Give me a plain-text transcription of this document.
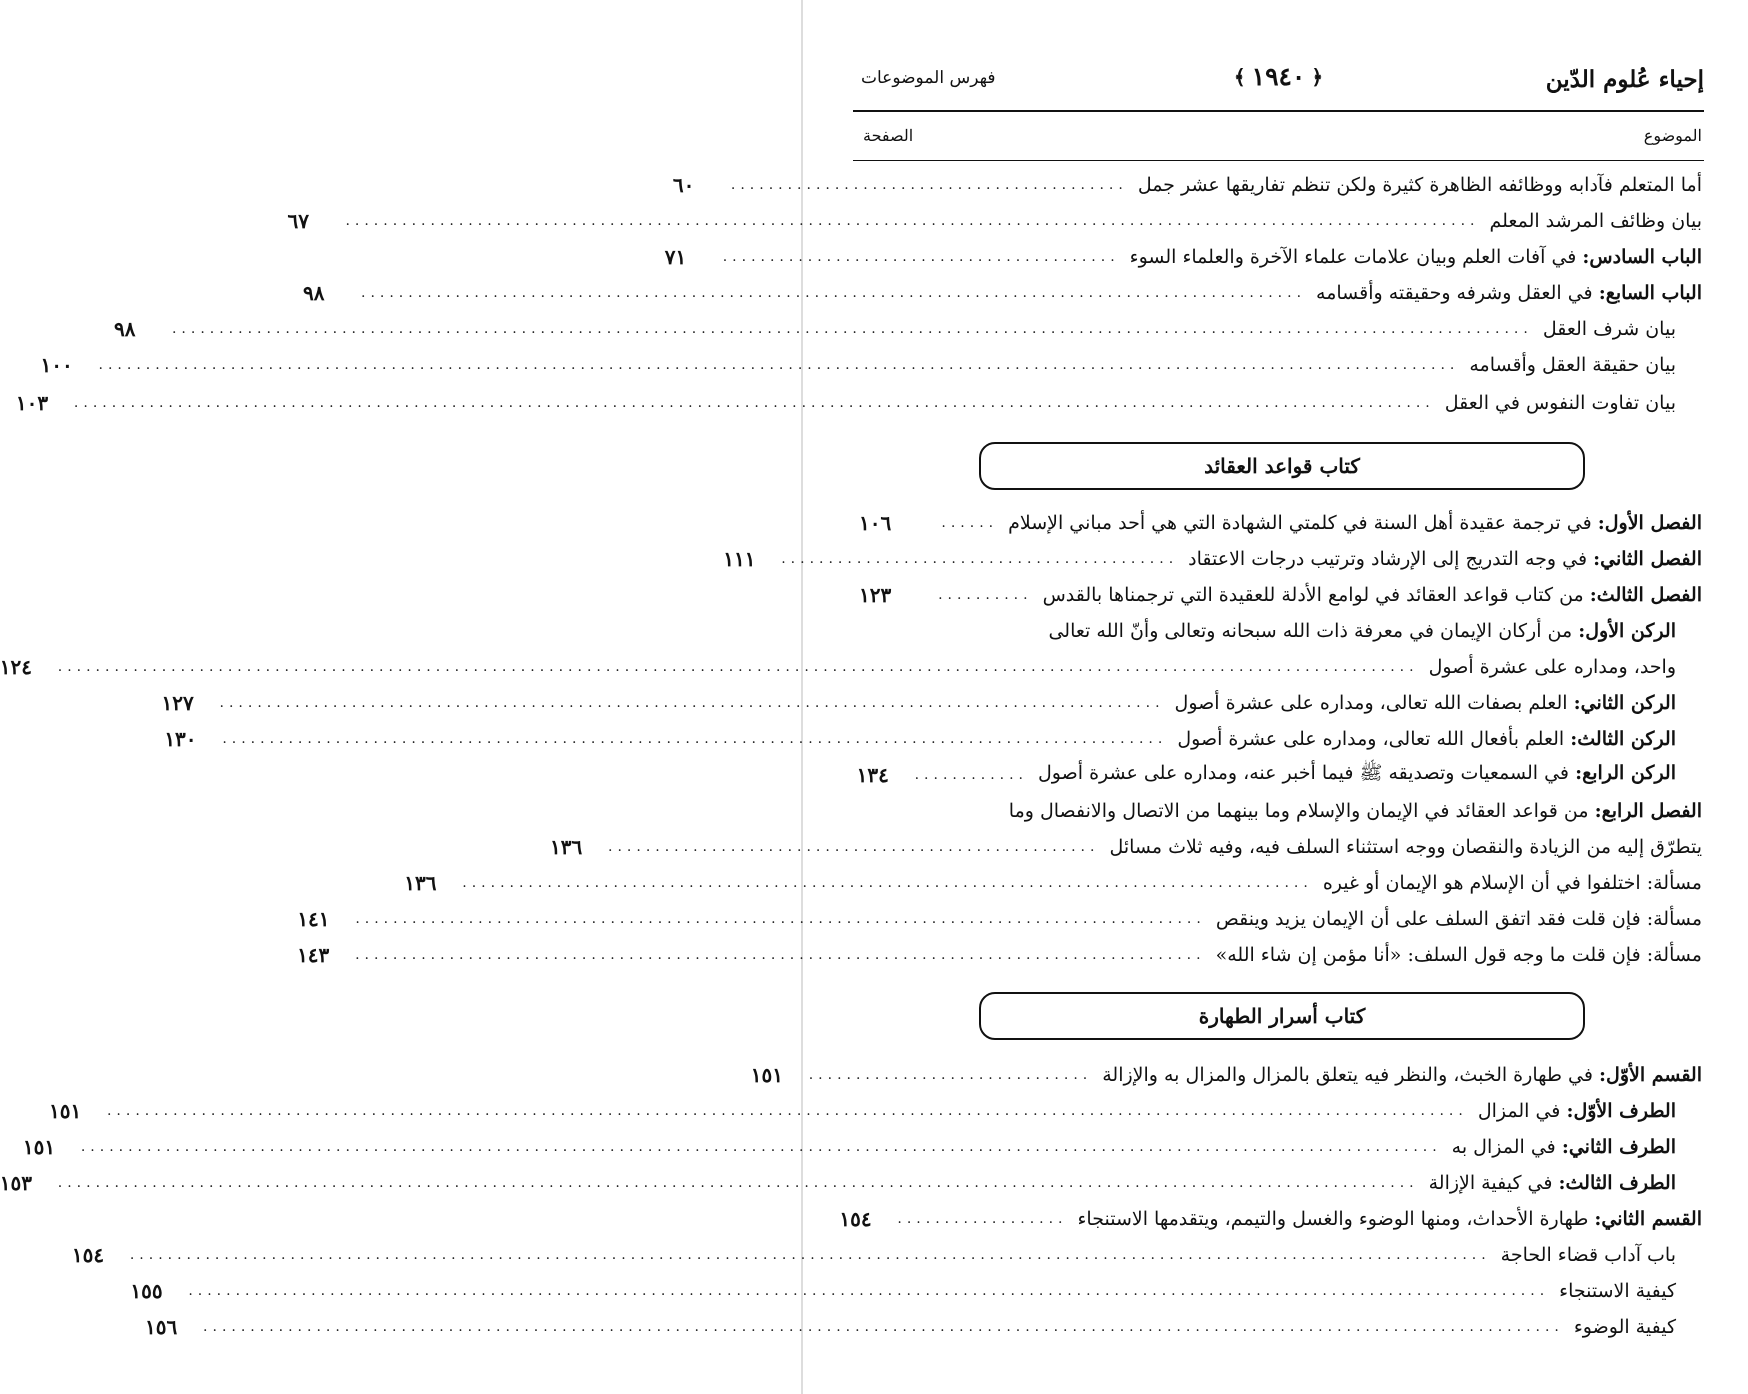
إحياء عُلوم الدّين
﴿
١٩٤٠
﴾
فهرس الموضوعات
الموضوع
الصفحة
أما المتعلم فآدابه ووظائفه الظاهرة كثيرة ولكن تنظم تفاريقها عشر جمل
..........................................
٦٠
بيان وظائف المرشد المعلم
........................................................................................................................
٦٧
الباب السادس: في آفات العلم وبيان علامات علماء الآخرة والعلماء السوء
..........................................
٧١
الباب السابع: في العقل وشرفه وحقيقته وأقسامه
....................................................................................................
٩٨
بيان شرف العقل
................................................................................................................................................
٩٨
بيان حقيقة العقل وأقسامه
................................................................................................................................................
١٠٠
بيان تفاوت النفوس في العقل
................................................................................................................................................
١٠٣
كتاب قواعد العقائد
الفصل الأول: في ترجمة عقيدة أهل السنة في كلمتي الشهادة التي هي أحد مباني الإسلام
......
١٠٦
الفصل الثاني: في وجه التدريج إلى الإرشاد وترتيب درجات الاعتقاد
..........................................
١١١
الفصل الثالث: من كتاب قواعد العقائد في لوامع الأدلة للعقيدة التي ترجمناها بالقدس
..........
١٢٣
الركن الأول: من أركان الإيمان في معرفة ذات الله سبحانه وتعالى وأنّ الله تعالى
واحد، ومداره على عشرة أصول
................................................................................................................................................
١٢٤
الركن الثاني: العلم بصفات الله تعالى، ومداره على عشرة أصول
....................................................................................................
١٢٧
الركن الثالث: العلم بأفعال الله تعالى، ومداره على عشرة أصول
....................................................................................................
١٣٠
الركن الرابع: في السمعيات وتصديقه ﷺ فيما أخبر عنه، ومداره على عشرة أصول
............
١٣٤
الفصل الرابع: من قواعد العقائد في الإيمان والإسلام وما بينهما من الاتصال والانفصال وما
يتطرّق إليه من الزيادة والنقصان ووجه استثناء السلف فيه، وفيه ثلاث مسائل
....................................................
١٣٦
مسألة: اختلفوا في أن الإسلام هو الإيمان أو غيره
..........................................................................................
١٣٦
مسألة: فإن قلت فقد اتفق السلف على أن الإيمان يزيد وينقص
..........................................................................................
١٤١
مسألة: فإن قلت ما وجه قول السلف: «أنا مؤمن إن شاء الله»
..........................................................................................
١٤٣
كتاب أسرار الطهارة
القسم الأوّل: في طهارة الخبث، والنظر فيه يتعلق بالمزال والمزال به والإزالة
..............................
١٥١
الطرف الأوّل: في المزال
................................................................................................................................................
١٥١
الطرف الثاني: في المزال به
................................................................................................................................................
١٥١
الطرف الثالث: في كيفية الإزالة
................................................................................................................................................
١٥٣
القسم الثاني: طهارة الأحداث، ومنها الوضوء والغسل والتيمم، ويتقدمها الاستنجاء
..................
١٥٤
باب آداب قضاء الحاجة
................................................................................................................................................
١٥٤
كيفية الاستنجاء
................................................................................................................................................
١٥٥
كيفية الوضوء
................................................................................................................................................
١٥٦
